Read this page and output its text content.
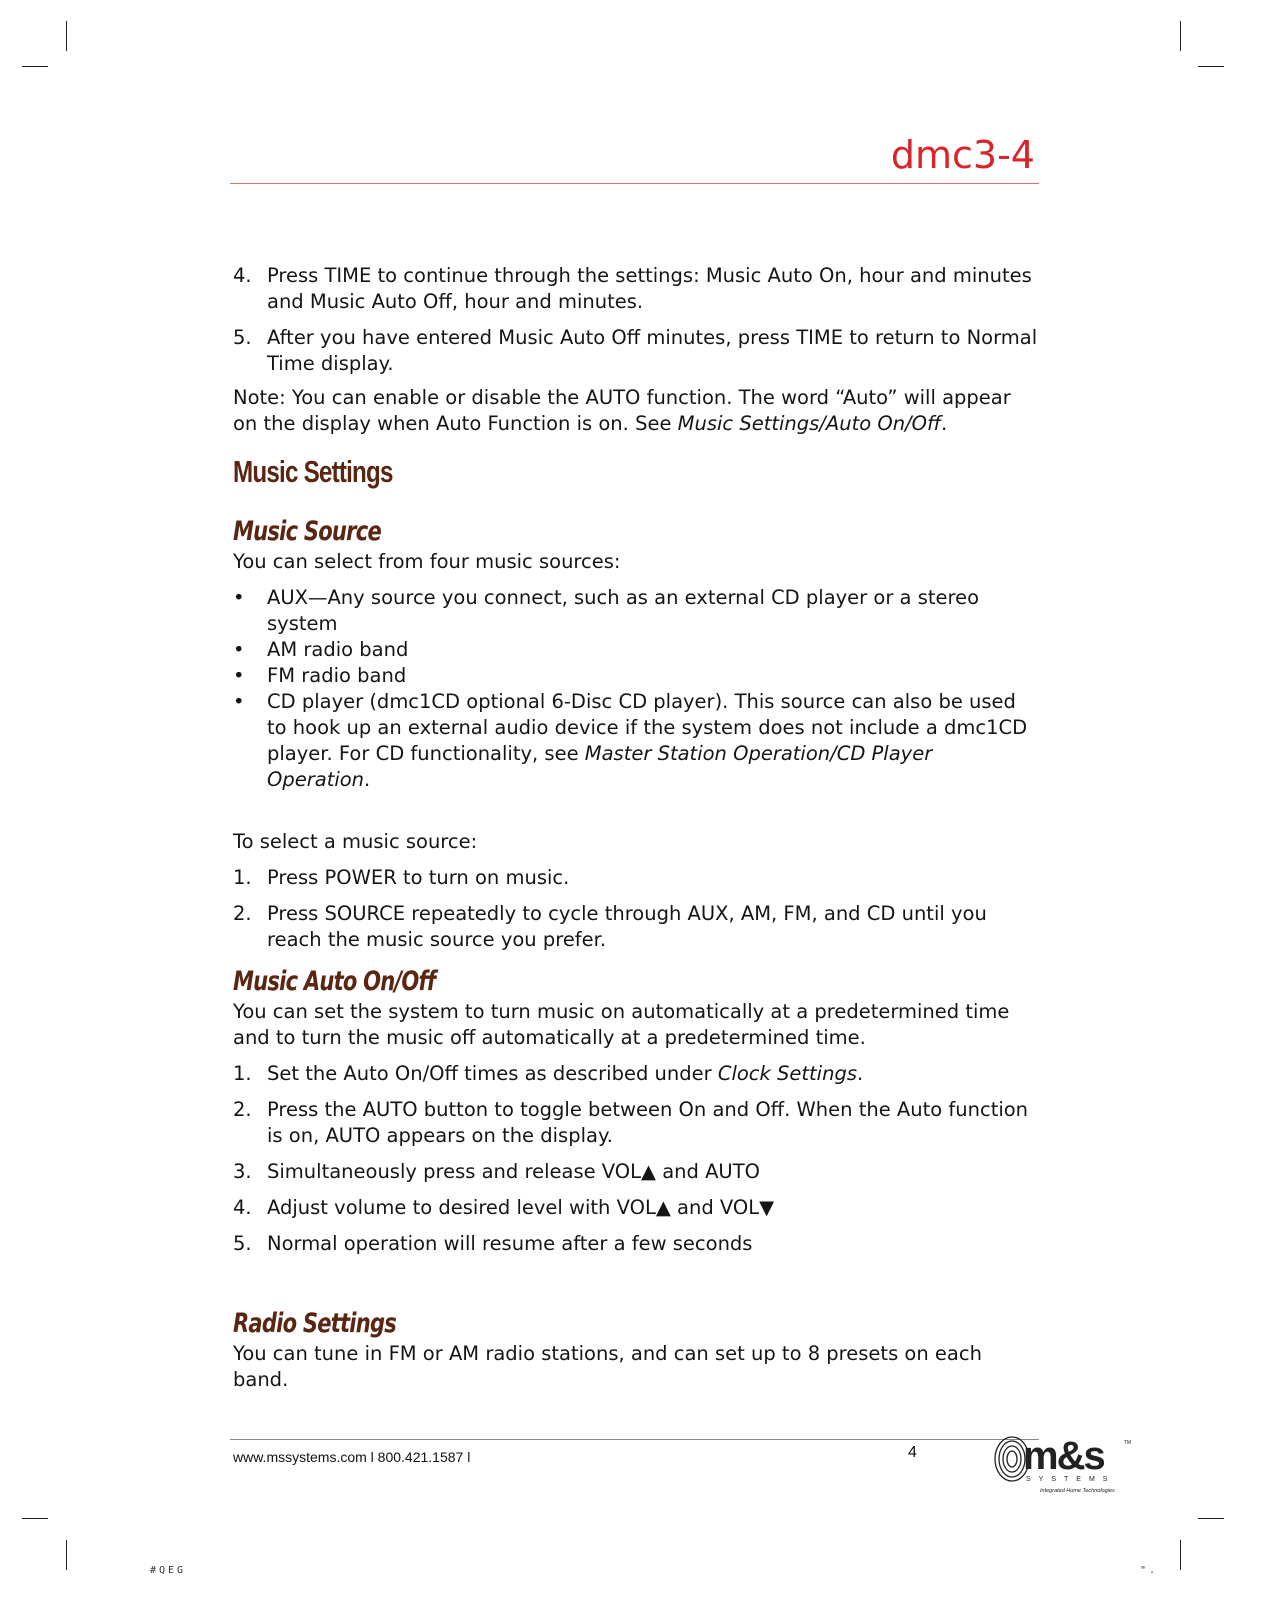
dmc3-4
4. Press TIME to continue through the settings: Music Auto On, hour and minutes and Music Auto Off, hour and minutes.
5. After you have entered Music Auto Off minutes, press TIME to return to Normal Time display.

Note: You can enable or disable the AUTO function. The word “Auto” will appear on the display when Auto Function is on. See Music Settings/Auto On/Off.

Music Settings
Music Source

You can select from four music sources:

• AUX—Any source you connect, such as an external CD player or a stereo system
• AM radio band
• FM radio band
• CD player (dmc1CD optional 6-Disc CD player). This source can also be used to hook up an external audio device if the system does not include a dmc1CD player. For CD functionality, see Master Station Operation/CD Player Operation.

To select a music source:

1. Press POWER to turn on music.
2. Press SOURCE repeatedly to cycle through AUX, AM, FM, and CD until you reach the music source you prefer.
Music Auto On/Off

You can set the system to turn music on automatically at a predetermined time and to turn the music off automatically at a predetermined time.

1. Set the Auto On/Off times as described under Clock Settings.
2. Press the AUTO button to toggle between On and Off. When the Auto function is on, AUTO appears on the display.
3. Simultaneously press and release VOL▲ and AUTO
4. Adjust volume to desired level with VOL▲ and VOL▼
5. Normal operation will resume after a few seconds
Radio Settings

You can tune in FM or AM radio stations, and can set up to 8 presets on each band.

www.mssystems.com l 800.421.1587 l	4	m&s	TM
SYSTEMS
Integrated Home Technologies
#QEG	".
